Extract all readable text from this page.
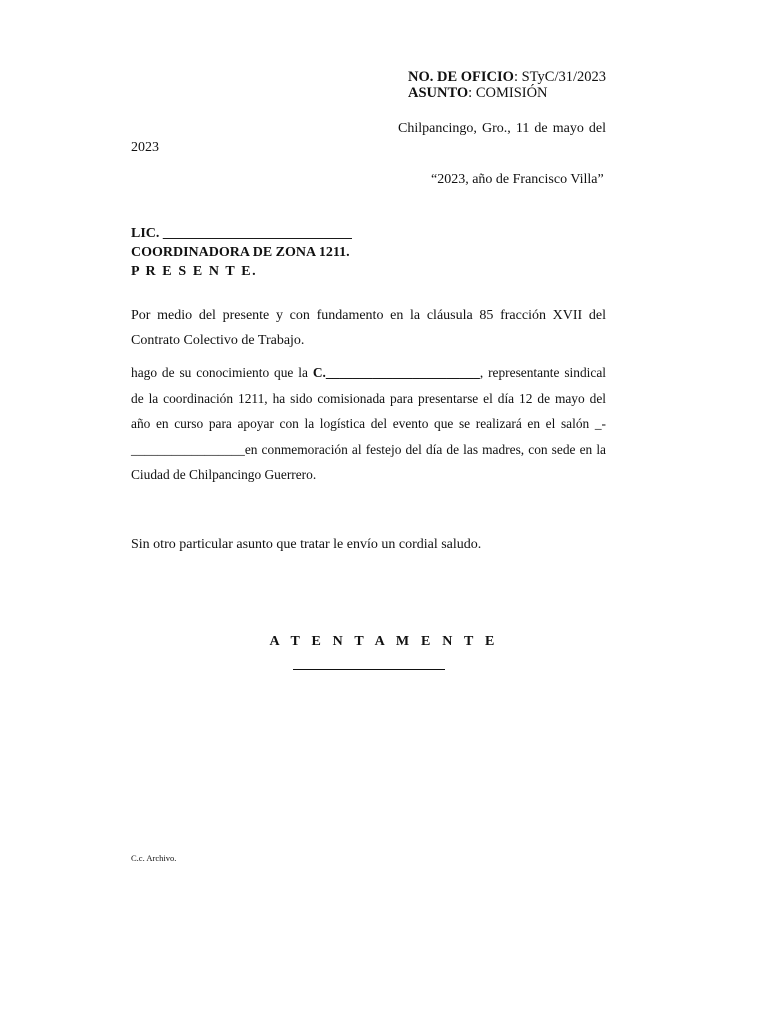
NO. DE OFICIO: STyC/31/2023
ASUNTO: COMISIÓN
Chilpancingo, Gro., 11 de mayo del
2023
“2023, año de Francisco Villa”
LIC. ___________________________
COORDINADORA DE ZONA 1211.
P R E S E N T E.
Por medio del presente y con fundamento en la cláusula 85 fracción XVII del
Contrato Colectivo de Trabajo.
hago de su conocimiento que la C._______________________, representante sindical de la coordinación 1211, ha sido comisionada para presentarse el día 12 de mayo del año en curso para apoyar con la logística del evento que se realizará en el salón _-_________________en conmemoración al festejo del día de las madres, con sede en la Ciudad de Chilpancingo Guerrero.
Sin otro particular asunto que tratar le envío un cordial saludo.
A T E N T A M E N T E
C.c. Archivo.
